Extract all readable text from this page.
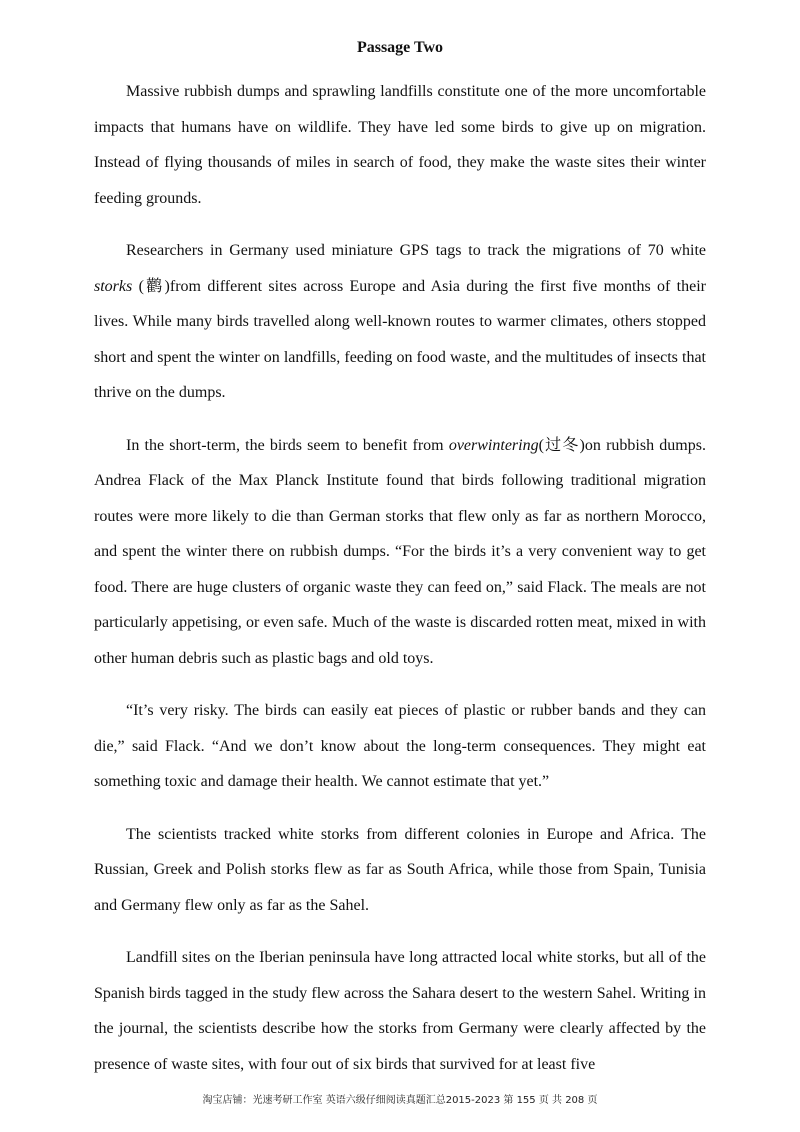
Passage Two

Massive rubbish dumps and sprawling landfills constitute one of the more uncomfortable impacts that humans have on wildlife. They have led some birds to give up on migration. Instead of flying thousands of miles in search of food, they make the waste sites their winter feeding grounds.

Researchers in Germany used miniature GPS tags to track the migrations of 70 white storks (鹳)from different sites across Europe and Asia during the first five months of their lives. While many birds travelled along well-known routes to warmer climates, others stopped short and spent the winter on landfills, feeding on food waste, and the multitudes of insects that thrive on the dumps.

In the short-term, the birds seem to benefit from overwintering(过冬)on rubbish dumps. Andrea Flack of the Max Planck Institute found that birds following traditional migration routes were more likely to die than German storks that flew only as far as northern Morocco, and spent the winter there on rubbish dumps. “For the birds it’s a very convenient way to get food. There are huge clusters of organic waste they can feed on,” said Flack. The meals are not particularly appetising, or even safe. Much of the waste is discarded rotten meat, mixed in with other human debris such as plastic bags and old toys.

“It’s very risky. The birds can easily eat pieces of plastic or rubber bands and they can die,” said Flack. “And we don’t know about the long-term consequences. They might eat something toxic and damage their health. We cannot estimate that yet.”

The scientists tracked white storks from different colonies in Europe and Africa. The Russian, Greek and Polish storks flew as far as South Africa, while those from Spain, Tunisia and Germany flew only as far as the Sahel.

Landfill sites on the Iberian peninsula have long attracted local white storks, but all of the Spanish birds tagged in the study flew across the Sahara desert to the western Sahel. Writing in the journal, the scientists describe how the storks from Germany were clearly affected by the presence of waste sites, with four out of six birds that survived for at least five

淘宝店铺：光速考研工作室 英语六级仔细阅读真题汇总2015-2023 第 155 页 共 208 页
